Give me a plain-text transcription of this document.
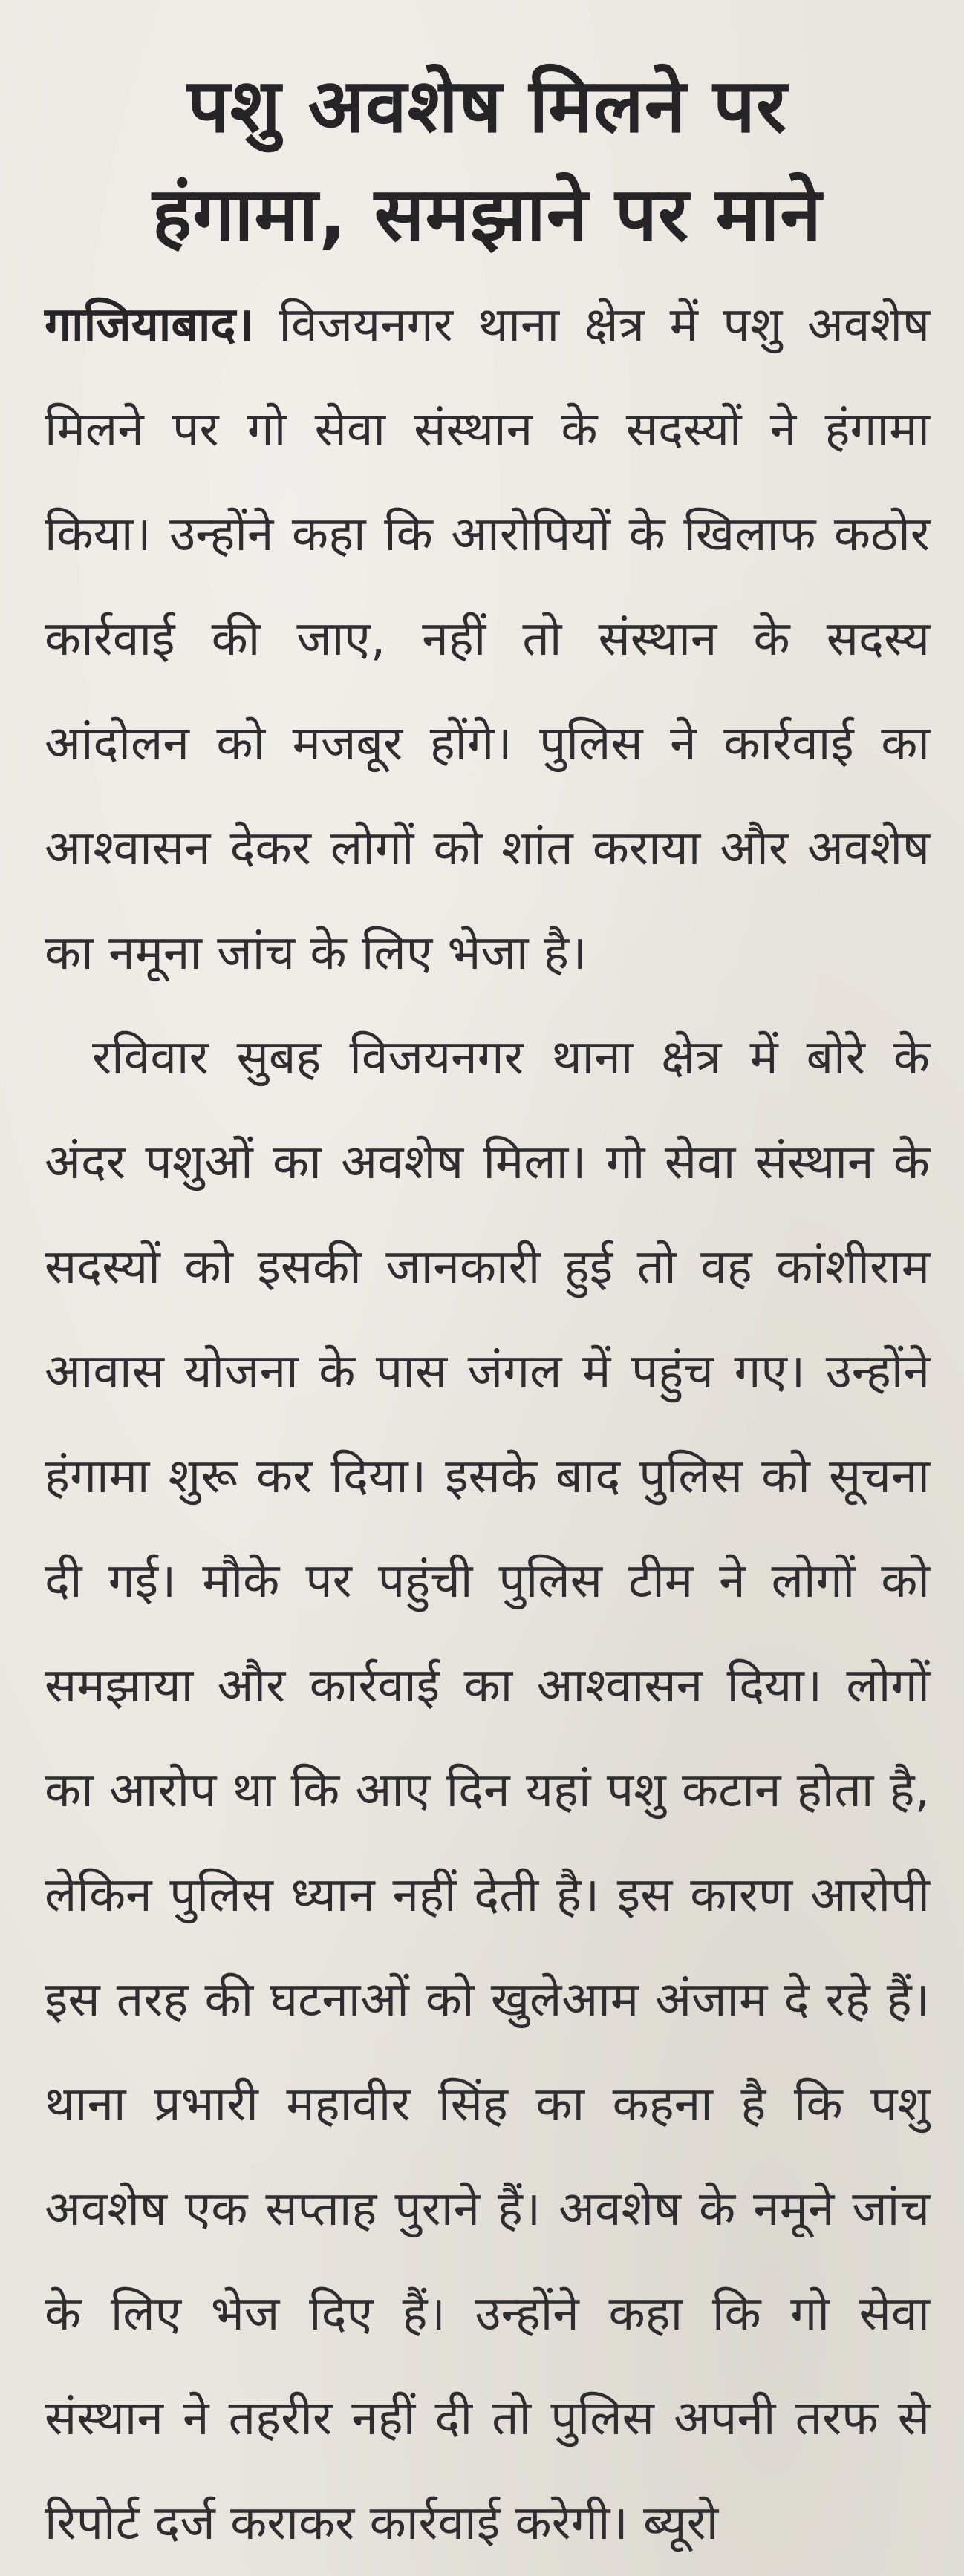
पशु अवशेष मिलने पर
हंगामा, समझाने पर माने

गाजियाबाद। विजयनगर थाना क्षेत्र में पशु अवशेष मिलने पर गो सेवा संस्थान के सदस्यों ने हंगामा किया। उन्होंने कहा कि आरोपियों के खिलाफ कठोर कार्रवाई की जाए, नहीं तो संस्थान के सदस्य आंदोलन को मजबूर होंगे। पुलिस ने कार्रवाई का आश्वासन देकर लोगों को शांत कराया और अवशेष का नमूना जांच के लिए भेजा है।

रविवार सुबह विजयनगर थाना क्षेत्र में बोरे के अंदर पशुओं का अवशेष मिला। गो सेवा संस्थान के सदस्यों को इसकी जानकारी हुई तो वह कांशीराम आवास योजना के पास जंगल में पहुंच गए। उन्होंने हंगामा शुरू कर दिया। इसके बाद पुलिस को सूचना दी गई। मौके पर पहुंची पुलिस टीम ने लोगों को समझाया और कार्रवाई का आश्वासन दिया। लोगों का आरोप था कि आए दिन यहां पशु कटान होता है, लेकिन पुलिस ध्यान नहीं देती है। इस कारण आरोपी इस तरह की घटनाओं को खुलेआम अंजाम दे रहे हैं। थाना प्रभारी महावीर सिंह का कहना है कि पशु अवशेष एक सप्ताह पुराने हैं। अवशेष के नमूने जांच के लिए भेज दिए हैं। उन्होंने कहा कि गो सेवा संस्थान ने तहरीर नहीं दी तो पुलिस अपनी तरफ से रिपोर्ट दर्ज कराकर कार्रवाई करेगी। ब्यूरो
